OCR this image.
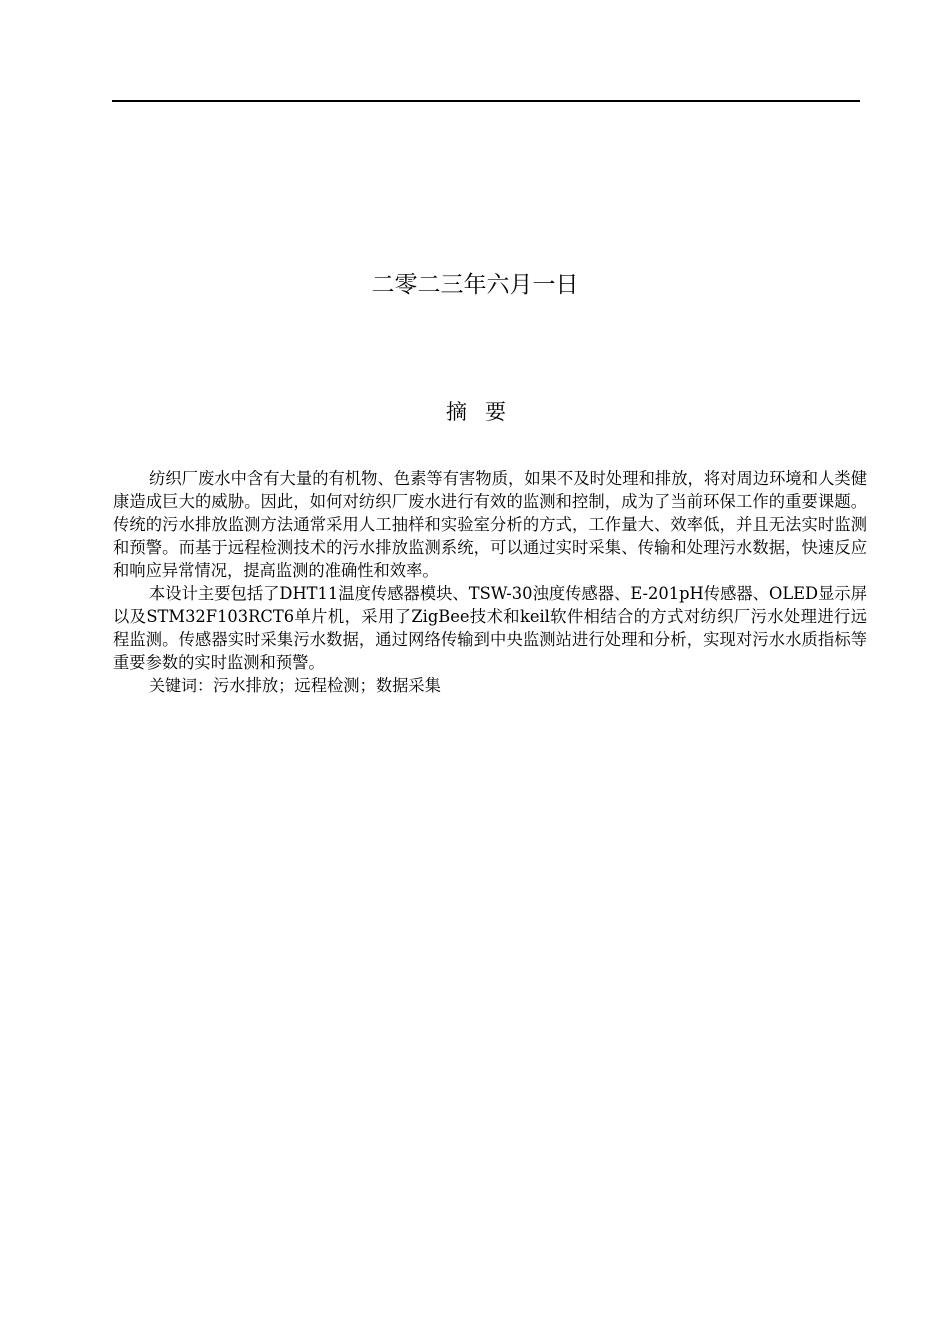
二零二三年六月一日
摘要

纺织厂废水中含有大量的有机物、色素等有害物质，如果不及时处理和排放，将对周边环境和人类健康造成巨大的威胁。因此，如何对纺织厂废水进行有效的监测和控制，成为了当前环保工作的重要课题。传统的污水排放监测方法通常采用人工抽样和实验室分析的方式，工作量大、效率低，并且无法实时监测和预警。而基于远程检测技术的污水排放监测系统，可以通过实时采集、传输和处理污水数据，快速反应和响应异常情况，提高监测的准确性和效率。

本设计主要包括了DHT11温度传感器模块、TSW-30浊度传感器、E-201pH传感器、OLED显示屏以及STM32F103RCT6单片机，采用了ZigBee技术和keil软件相结合的方式对纺织厂污水处理进行远程监测。传感器实时采集污水数据，通过网络传输到中央监测站进行处理和分析，实现对污水水质指标等重要参数的实时监测和预警。

关键词：污水排放；远程检测；数据采集
